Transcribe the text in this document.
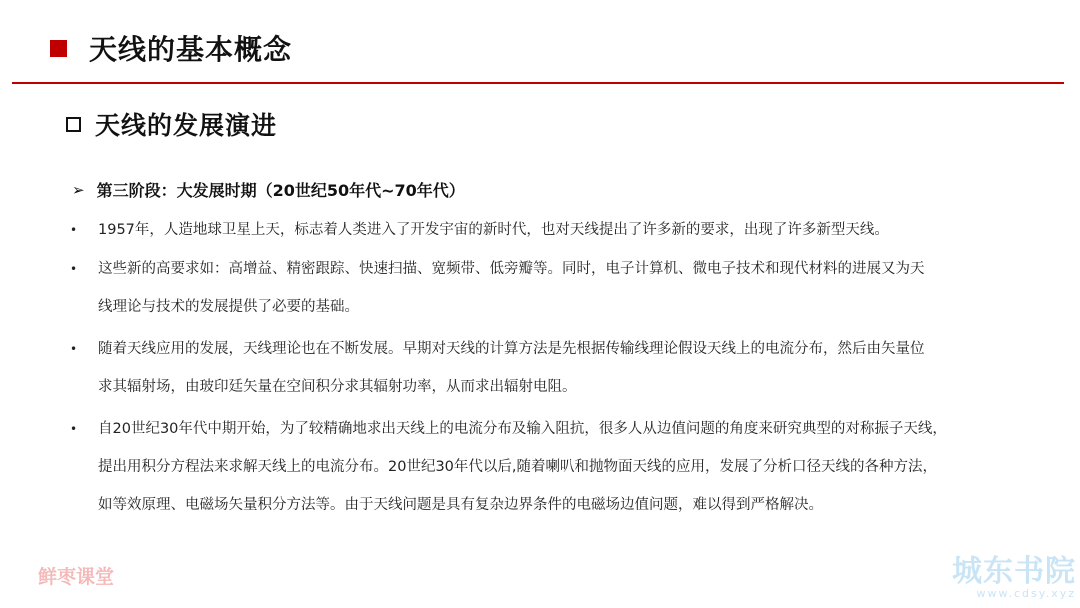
天线的基本概念
天线的发展演进
➢ 第三阶段：大发展时期（20世纪50年代~70年代）
•	1957年，人造地球卫星上天，标志着人类进入了开发宇宙的新时代，也对天线提出了许多新的要求，出现了许多新型天线。
•	这些新的高要求如：高增益、精密跟踪、快速扫描、宽频带、低旁瓣等。同时，电子计算机、微电子技术和现代材料的进展又为天
线理论与技术的发展提供了必要的基础。
•	随着天线应用的发展，天线理论也在不断发展。早期对天线的计算方法是先根据传输线理论假设天线上的电流分布，然后由矢量位
求其辐射场，由玻印廷矢量在空间积分求其辐射功率，从而求出辐射电阻。
•	自20世纪30年代中期开始，为了较精确地求出天线上的电流分布及输入阻抗，很多人从边值问题的角度来研究典型的对称振子天线，
提出用积分方程法来求解天线上的电流分布。20世纪30年代以后,随着喇叭和抛物面天线的应用，发展了分析口径天线的各种方法，
如等效原理、电磁场矢量积分方法等。由于天线问题是具有复杂边界条件的电磁场边值问题，难以得到严格解决。
鲜枣课堂	城东书院
www.cdsy.xyz
